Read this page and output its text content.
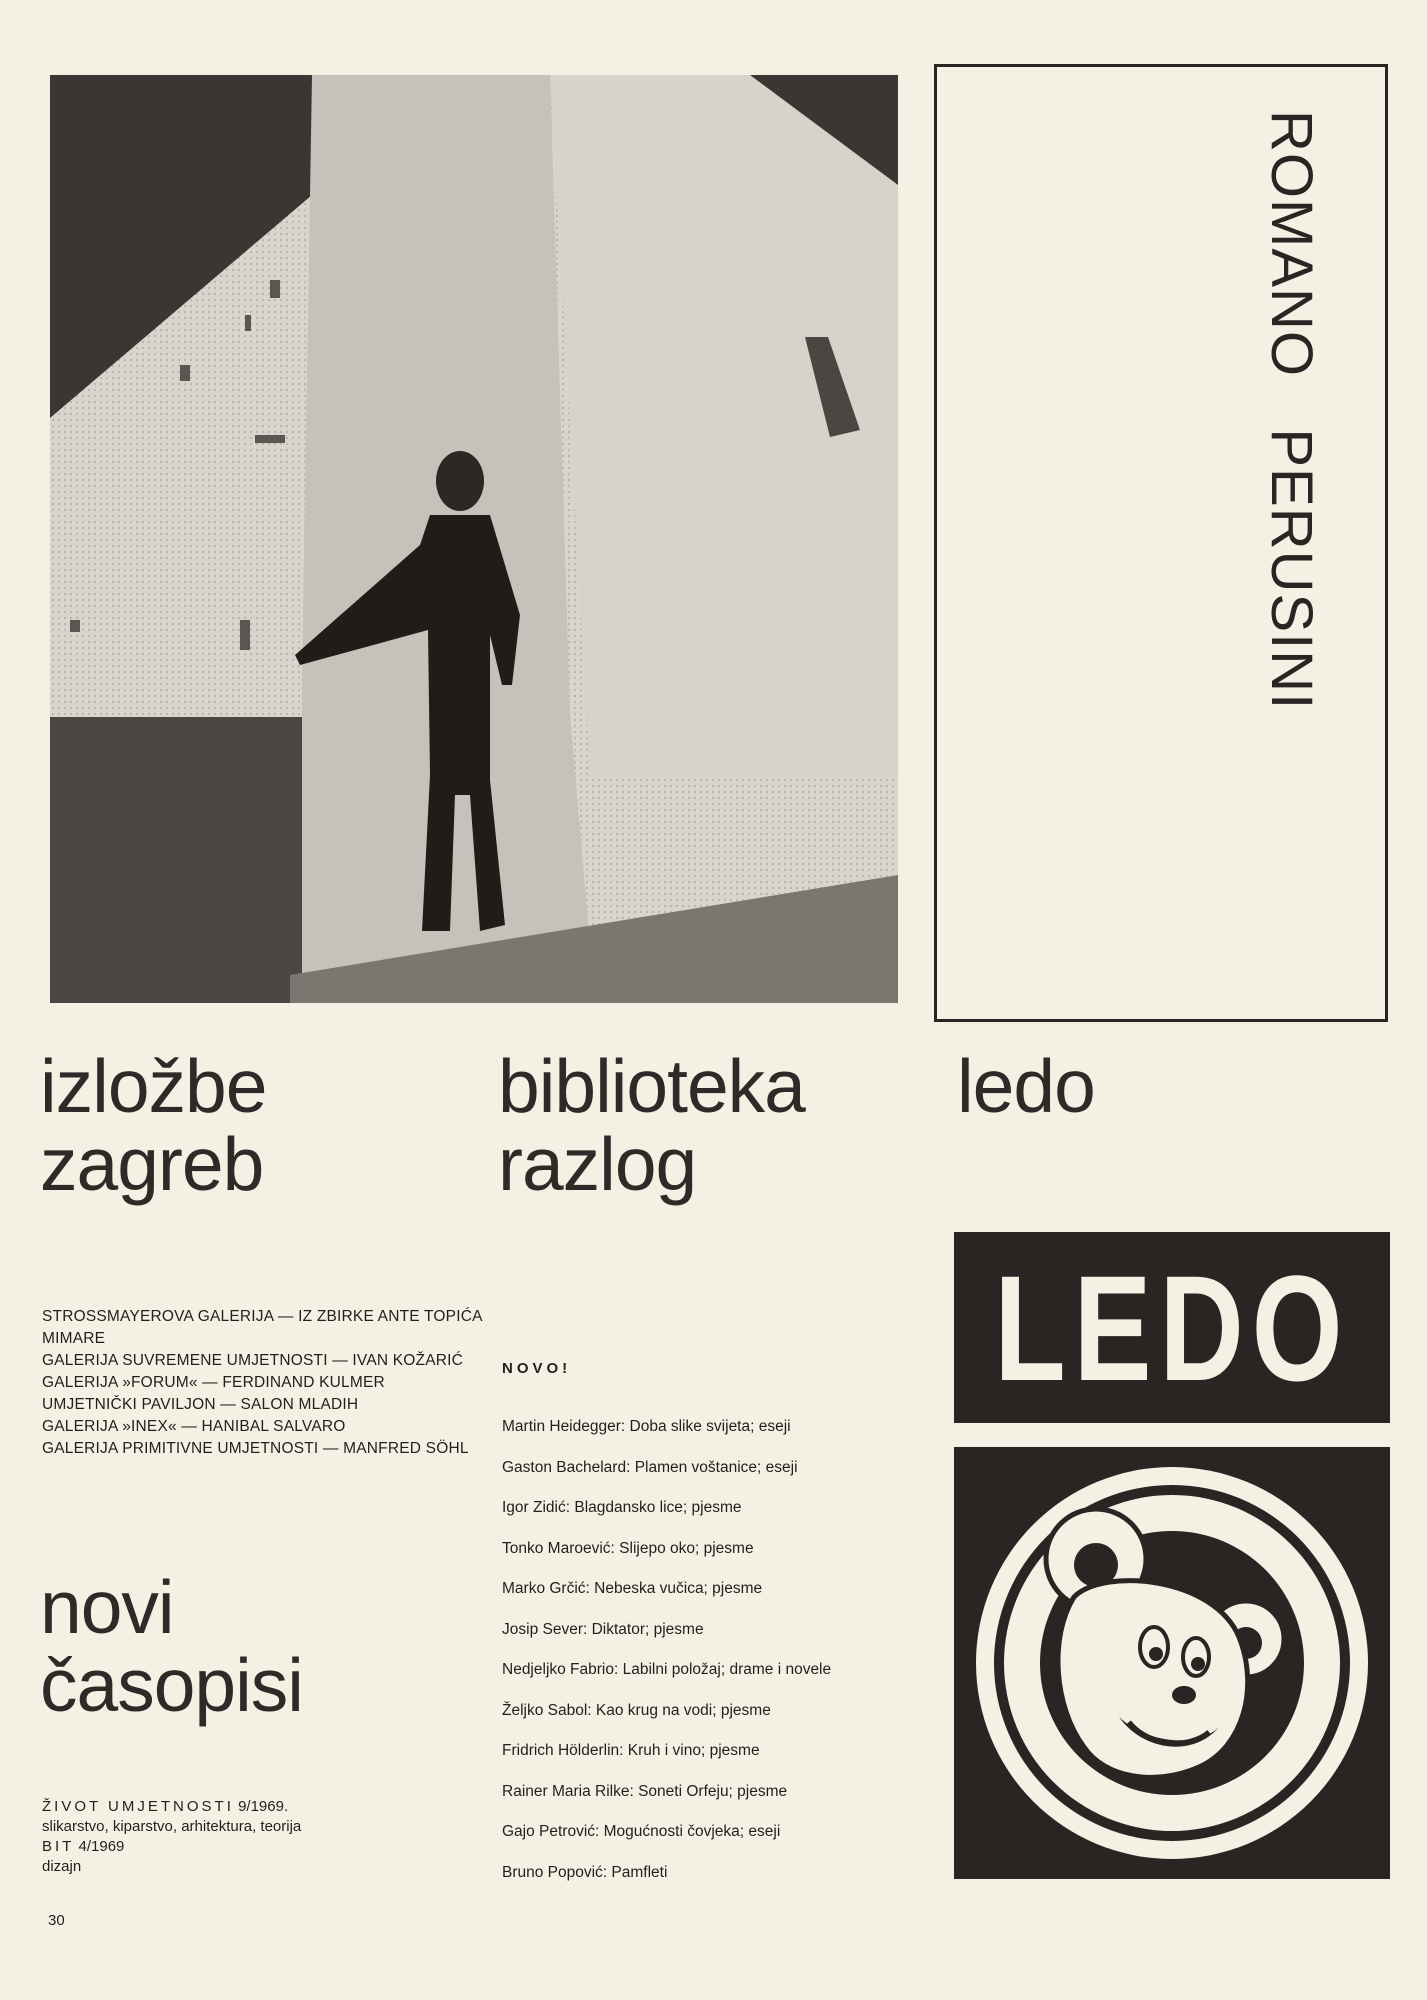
ROMANO   PERUSINI
izložbe
zagreb
biblioteka
razlog
ledo
STROSSMAYEROVA GALERIJA — IZ ZBIRKE ANTE TOPIĆA MIMARE
GALERIJA SUVREMENE UMJETNOSTI — IVAN KOŽARIĆ
GALERIJA »FORUM« — FERDINAND KULMER
UMJETNIČKI PAVILJON — SALON MLADIH
GALERIJA »INEX« — HANIBAL SALVARO
GALERIJA PRIMITIVNE UMJETNOSTI — MANFRED SÖHL
novi
časopisi
ŽIVOT UMJETNOSTI 9/1969.
slikarstvo, kiparstvo, arhitektura, teorija
BIT 4/1969
dizajn
NOVO!
Martin Heidegger: Doba slike svijeta; eseji
Gaston Bachelard: Plamen voštanice; eseji
Igor Zidić: Blagdansko lice; pjesme
Tonko Maroević: Slijepo oko; pjesme
Marko Grčić: Nebeska vučica; pjesme
Josip Sever: Diktator; pjesme
Nedjeljko Fabrio: Labilni položaj; drame i novele
Željko Sabol: Kao krug na vodi; pjesme
Fridrich Hölderlin: Kruh i vino; pjesme
Rainer Maria Rilke: Soneti Orfeju; pjesme
Gajo Petrović: Mogućnosti čovjeka; eseji
Bruno Popović: Pamfleti
LEDO
30
